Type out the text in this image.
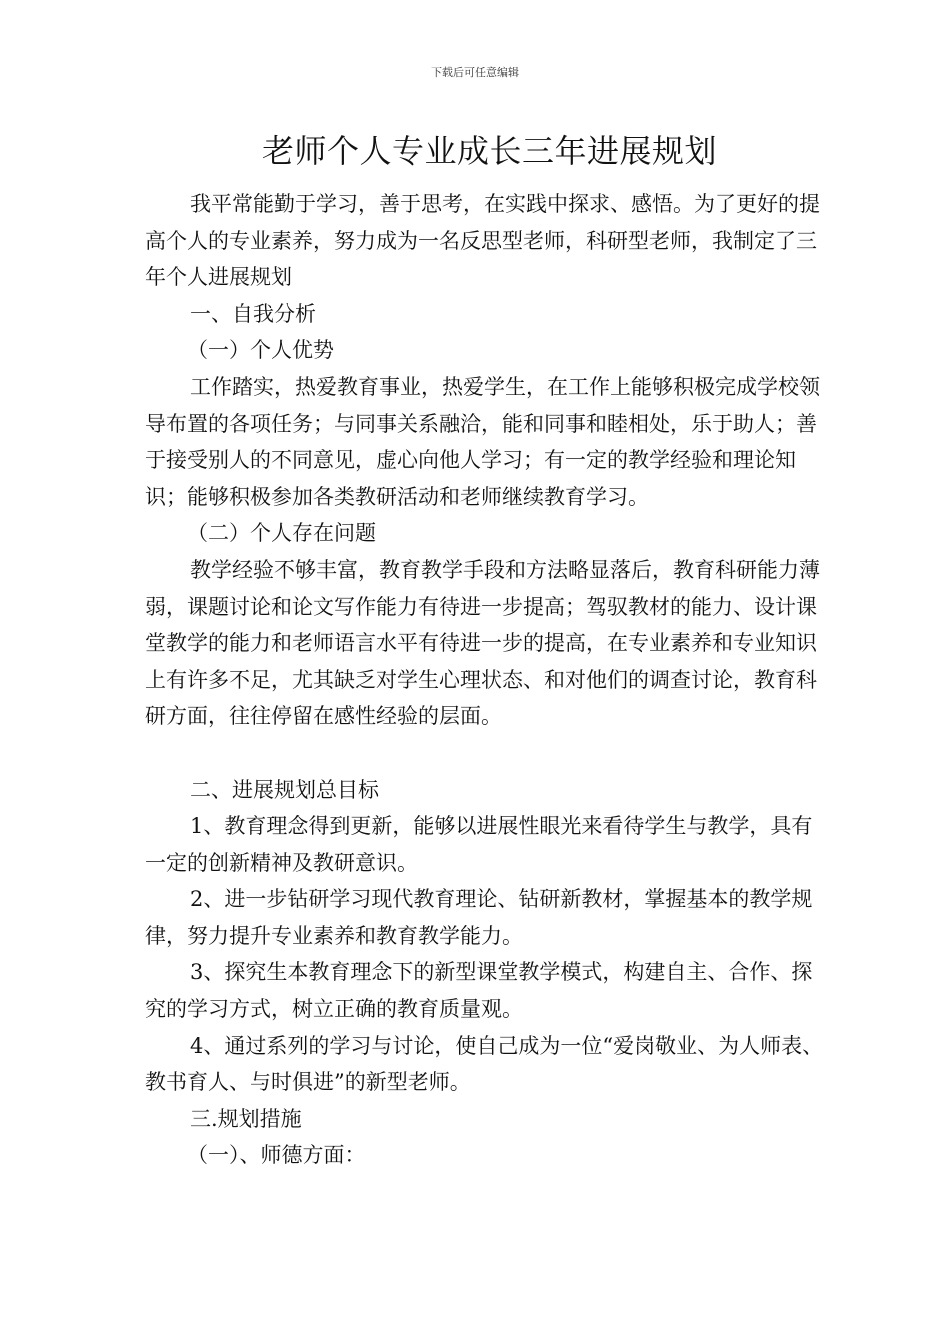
下载后可任意编辑
老师个人专业成长三年进展规划

我平常能勤于学习，善于思考，在实践中探求、感悟。为了更好的提高个人的专业素养，努力成为一名反思型老师，科研型老师，我制定了三年个人进展规划

一、自我分析

（一）个人优势

工作踏实，热爱教育事业，热爱学生，在工作上能够积极完成学校领导布置的各项任务；与同事关系融洽，能和同事和睦相处，乐于助人；善于接受别人的不同意见，虚心向他人学习；有一定的教学经验和理论知识；能够积极参加各类教研活动和老师继续教育学习。

（二）个人存在问题

教学经验不够丰富，教育教学手段和方法略显落后，教育科研能力薄弱，课题讨论和论文写作能力有待进一步提高；驾驭教材的能力、设计课堂教学的能力和老师语言水平有待进一步的提高，在专业素养和专业知识上有许多不足，尤其缺乏对学生心理状态、和对他们的调查讨论，教育科研方面，往往停留在感性经验的层面。

二、进展规划总目标

1、教育理念得到更新，能够以进展性眼光来看待学生与教学，具有一定的创新精神及教研意识。

2、进一步钻研学习现代教育理论、钻研新教材，掌握基本的教学规律，努力提升专业素养和教育教学能力。

3、探究生本教育理念下的新型课堂教学模式，构建自主、合作、探究的学习方式，树立正确的教育质量观。

4、通过系列的学习与讨论，使自己成为一位“爱岗敬业、为人师表、教书育人、与时俱进”的新型老师。

三.规划措施

（一）、师德方面：
